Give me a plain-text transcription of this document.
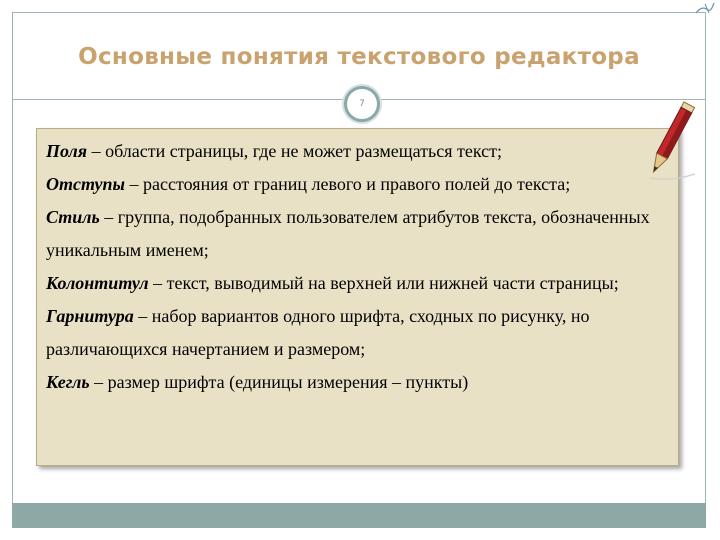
Основные понятия текстового редактора
7

Поля – области страницы, где не может размещаться текст;

Отступы – расстояния от границ левого и правого полей до текста;

Стиль – группа, подобранных пользователем атрибутов текста, обозначенных уникальным именем;

Колонтитул – текст, выводимый на верхней или нижней части страницы;

Гарнитура – набор вариантов одного шрифта, сходных по рисунку, но различающихся начертанием и размером;

Кегль – размер шрифта (единицы измерения – пункты)
